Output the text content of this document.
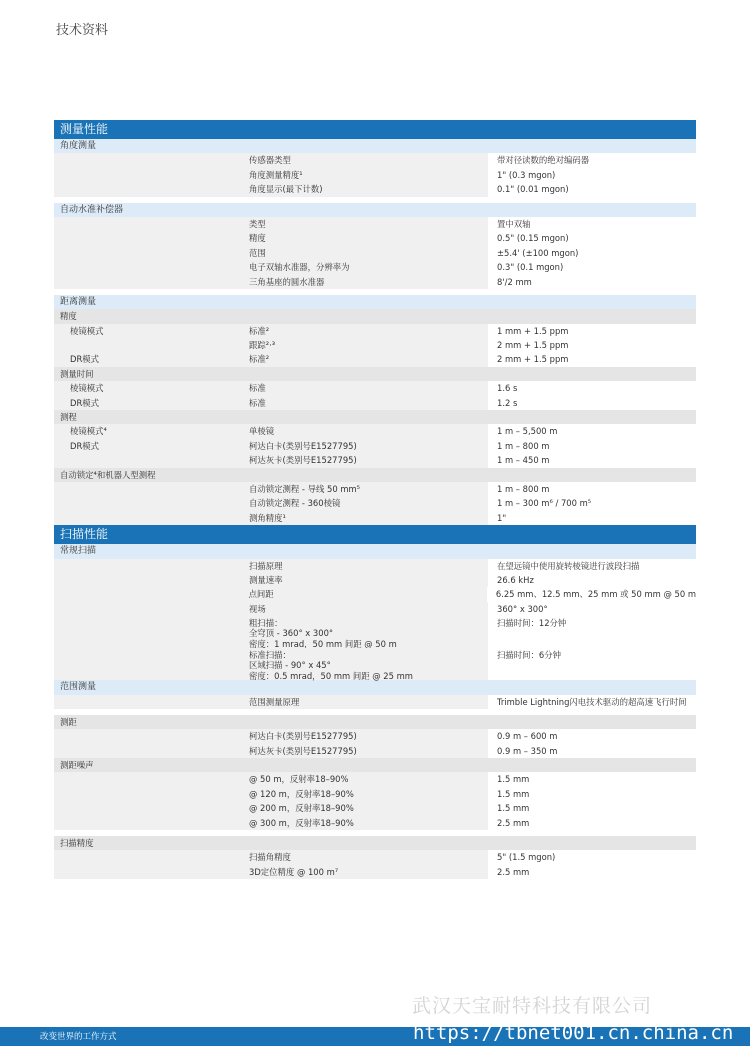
技术资料
测量性能
角度测量
传感器类型	带对径读数的绝对编码器
角度测量精度¹	1" (0.3 mgon)
角度显示(最下计数)	0.1" (0.01 mgon)
自动水准补偿器
类型	置中双轴
精度	0.5" (0.15 mgon)
范围	±5.4' (±100 mgon)
电子双轴水准器，分辨率为	0.3" (0.1 mgon)
三角基座的圆水准器	8'/2 mm
距离测量
精度
棱镜模式	标准²	1 mm + 1.5 ppm
跟踪²·³	2 mm + 1.5 ppm
DR模式	标准²	2 mm + 1.5 ppm
测量时间
棱镜模式	标准	1.6 s
DR模式	标准	1.2 s
测程
棱镜模式⁴	单棱镜	1 m – 5,500 m
DR模式	柯达白卡(类别号E1527795)	1 m – 800 m
柯达灰卡(类别号E1527795)	1 m – 450 m
自动锁定⁴和机器人型测程
自动锁定测程 - 导线 50 mm⁵	1 m – 800 m
自动锁定测程 - 360棱镜	1 m – 300 m⁶ / 700 m⁵
测角精度¹	1"
扫描性能
常规扫描
扫描原理	在望远镜中使用旋转棱镜进行波段扫描
测量速率	26.6 kHz
点间距	6.25 mm、12.5 mm、25 mm 或 50 mm @ 50 m
视场	360° x 300°
粗扫描：
全穹顶 - 360° x 300°
密度：1 mrad，50 mm 间距 @ 50 m
扫描时间：12分钟
标准扫描：
区域扫描 - 90° x 45°
密度：0.5 mrad，50 mm 间距 @ 25 mm
扫描时间：6分钟
范围测量
范围测量原理	Trimble Lightning闪电技术驱动的超高速飞行时间
测距
柯达白卡(类别号E1527795)	0.9 m – 600 m
柯达灰卡(类别号E1527795)	0.9 m – 350 m
测距噪声
@ 50 m，反射率18–90%	1.5 mm
@ 120 m，反射率18–90%	1.5 mm
@ 200 m，反射率18–90%	1.5 mm
@ 300 m，反射率18–90%	2.5 mm
扫描精度
扫描角精度	5" (1.5 mgon)
3D定位精度 @ 100 m⁷	2.5 mm
改变世界的工作方式
武汉天宝耐特科技有限公司
https://tbnet001.cn.china.cn
